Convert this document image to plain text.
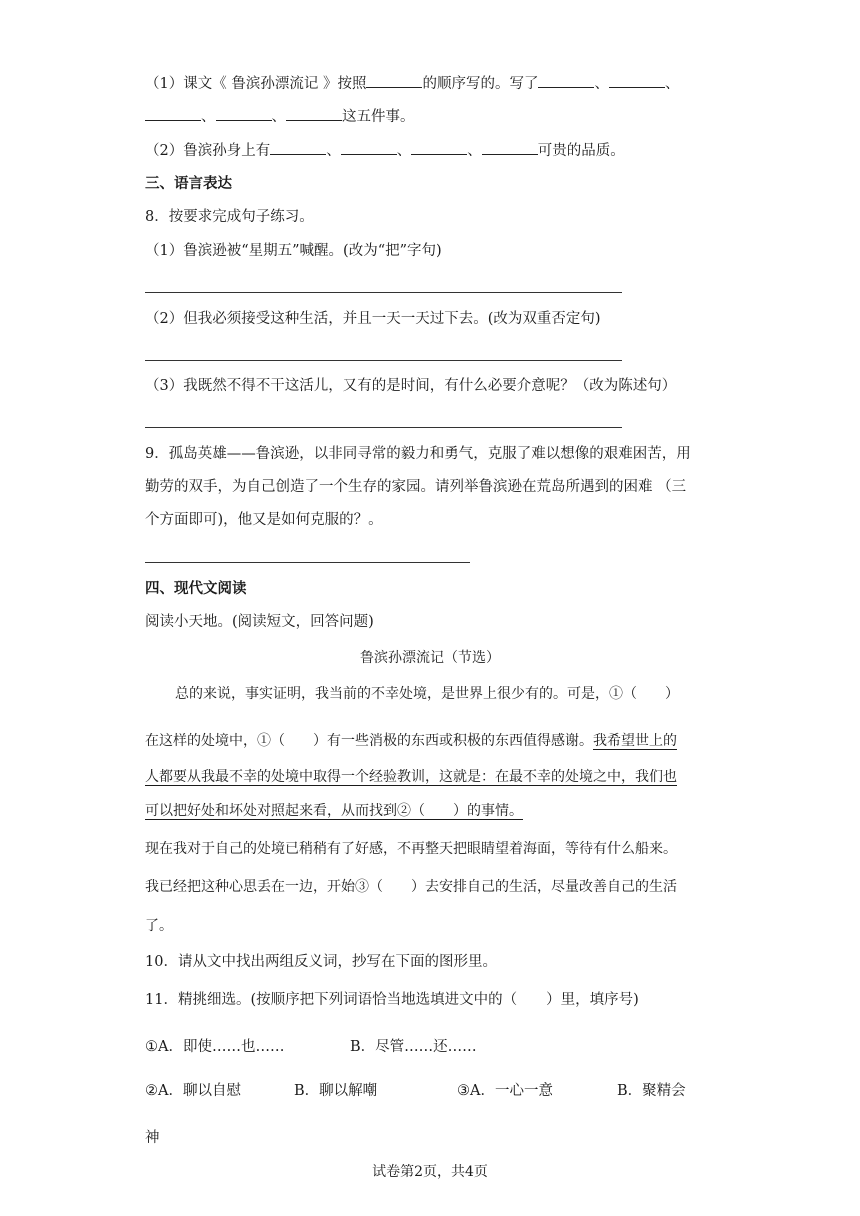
（1）课文《 鲁滨孙漂流记 》按照	的顺序写的。写了	、	、
、	、	这五件事。
（2）鲁滨孙身上有	、	、	、	可贵的品质。
三、语言表达
8．按要求完成句子练习。
（1）鲁滨逊被“星期五”喊醒。(改为“把”字句)
（2）但我必须接受这种生活，并且一天一天过下去。(改为双重否定句)
（3）我既然不得不干这活儿，又有的是时间，有什么必要介意呢？（改为陈述句）
9．孤岛英雄——鲁滨逊，以非同寻常的毅力和勇气，克服了难以想像的艰难困苦，用
勤劳的双手，为自己创造了一个生存的家园。请列举鲁滨逊在荒岛所遇到的困难 （三
个方面即可)，他又是如何克服的？。
四、现代文阅读
阅读小天地。(阅读短文，回答问题)
鲁滨孙漂流记（节选）
总的来说，事实证明，我当前的不幸处境，是世界上很少有的。可是，①（　　）
在这样的处境中，①（　　）有一些消极的东西或积极的东西值得感谢。我希望世上的
人都要从我最不幸的处境中取得一个经验教训，这就是：在最不幸的处境之中，我们也
可以把好处和坏处对照起来看，从而找到②（　　）的事情。
现在我对于自己的处境已稍稍有了好感，不再整天把眼睛望着海面，等待有什么船来。
我已经把这种心思丢在一边，开始③（　　）去安排自己的生活，尽量改善自己的生活
了。
10．请从文中找出两组反义词，抄写在下面的图形里。
11．精挑细选。(按顺序把下列词语恰当地选填进文中的（　　）里，填序号)
①A．即使……也……	B．尽管……还……
②A．聊以自慰	B．聊以解嘲	③A．一心一意	B．聚精会
神
试卷第2页，共4页
